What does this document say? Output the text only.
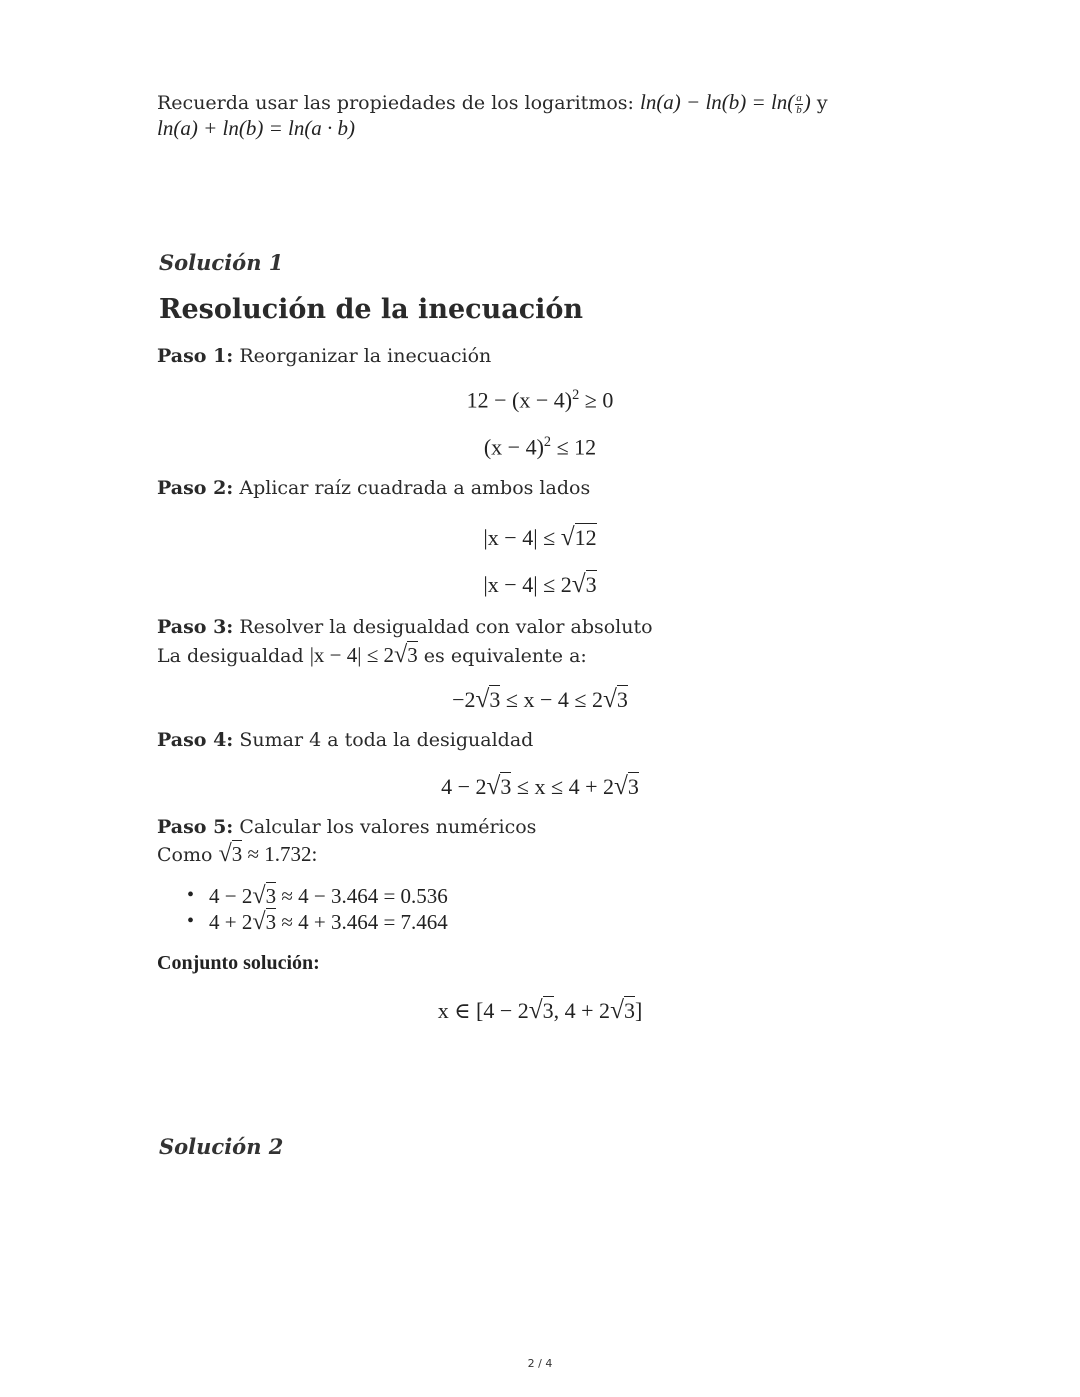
Recuerda usar las propiedades de los logaritmos: $\ln(a) - \ln(b) = \ln( \frac{a}{b}$ ) y
ln(a) + ln(b) = ln(a · b)
Solución 1
Resolución de la inecuación
Paso 1: Reorganizar la inecuación
$12 - (x - 4)^2 \ge 0$
$(x - 4)^2 \le 12$
Paso 2: Aplicar raíz cuadrada a ambos lados
|x − 4| ≤ √12
|x − 4| ≤ 2√3
Paso 3: Resolver la desigualdad con valor absoluto
La desigualdad |x − 4| ≤ 2√3 es equivalente a:
−2√3 ≤ x − 4 ≤ 2√3
Paso 4: Sumar 4 a toda la desigualdad
4 − 2√3 ≤ x ≤ 4 + 2√3
Paso 5: Calcular los valores numéricos
Como √3 ≈ 1.732:
• 4 − 2√3 ≈ 4 − 3.464 = 0.536
• 4 + 2√3 ≈ 4 + 3.464 = 7.464
Conjunto solución:
x ∈ [4 − 2√3, 4 + 2√3]
Solución 2
2 / 4
